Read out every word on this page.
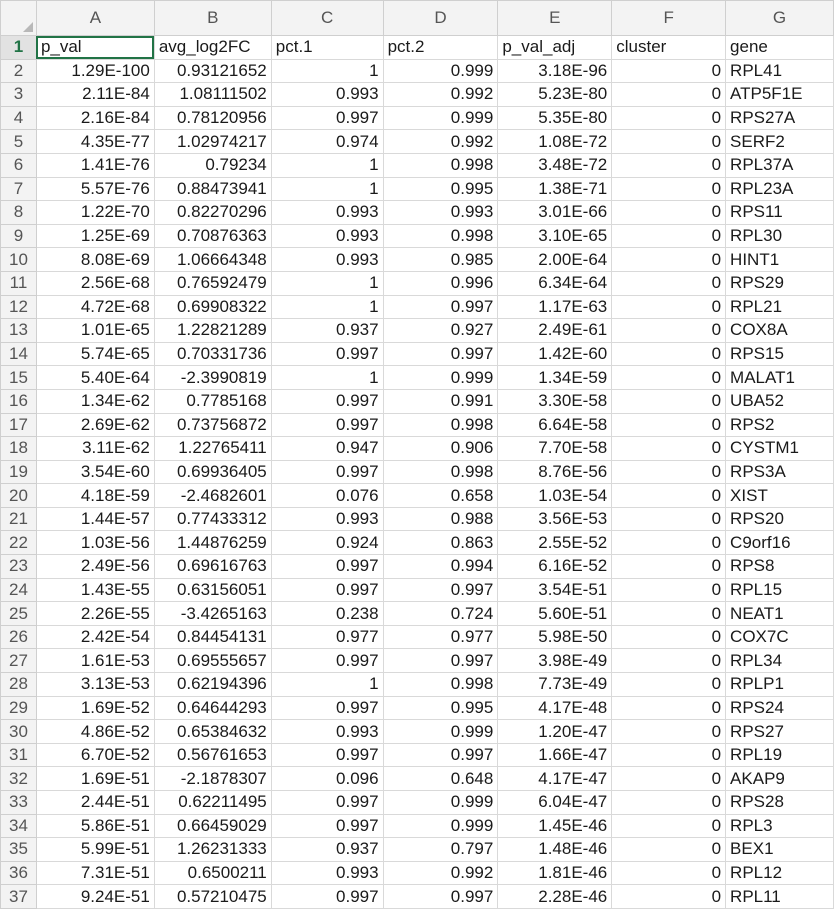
	A	B	C	D	E	F	G
1	p_val	avg_log2FC	pct.1	pct.2	p_val_adj	cluster	gene
2	1.29E-100	0.93121652	1	0.999	3.18E-96	0	RPL41
3	2.11E-84	1.08111502	0.993	0.992	5.23E-80	0	ATP5F1E
4	2.16E-84	0.78120956	0.997	0.999	5.35E-80	0	RPS27A
5	4.35E-77	1.02974217	0.974	0.992	1.08E-72	0	SERF2
6	1.41E-76	0.79234	1	0.998	3.48E-72	0	RPL37A
7	5.57E-76	0.88473941	1	0.995	1.38E-71	0	RPL23A
8	1.22E-70	0.82270296	0.993	0.993	3.01E-66	0	RPS11
9	1.25E-69	0.70876363	0.993	0.998	3.10E-65	0	RPL30
10	8.08E-69	1.06664348	0.993	0.985	2.00E-64	0	HINT1
11	2.56E-68	0.76592479	1	0.996	6.34E-64	0	RPS29
12	4.72E-68	0.69908322	1	0.997	1.17E-63	0	RPL21
13	1.01E-65	1.22821289	0.937	0.927	2.49E-61	0	COX8A
14	5.74E-65	0.70331736	0.997	0.997	1.42E-60	0	RPS15
15	5.40E-64	-2.3990819	1	0.999	1.34E-59	0	MALAT1
16	1.34E-62	0.7785168	0.997	0.991	3.30E-58	0	UBA52
17	2.69E-62	0.73756872	0.997	0.998	6.64E-58	0	RPS2
18	3.11E-62	1.22765411	0.947	0.906	7.70E-58	0	CYSTM1
19	3.54E-60	0.69936405	0.997	0.998	8.76E-56	0	RPS3A
20	4.18E-59	-2.4682601	0.076	0.658	1.03E-54	0	XIST
21	1.44E-57	0.77433312	0.993	0.988	3.56E-53	0	RPS20
22	1.03E-56	1.44876259	0.924	0.863	2.55E-52	0	C9orf16
23	2.49E-56	0.69616763	0.997	0.994	6.16E-52	0	RPS8
24	1.43E-55	0.63156051	0.997	0.997	3.54E-51	0	RPL15
25	2.26E-55	-3.4265163	0.238	0.724	5.60E-51	0	NEAT1
26	2.42E-54	0.84454131	0.977	0.977	5.98E-50	0	COX7C
27	1.61E-53	0.69555657	0.997	0.997	3.98E-49	0	RPL34
28	3.13E-53	0.62194396	1	0.998	7.73E-49	0	RPLP1
29	1.69E-52	0.64644293	0.997	0.995	4.17E-48	0	RPS24
30	4.86E-52	0.65384632	0.993	0.999	1.20E-47	0	RPS27
31	6.70E-52	0.56761653	0.997	0.997	1.66E-47	0	RPL19
32	1.69E-51	-2.1878307	0.096	0.648	4.17E-47	0	AKAP9
33	2.44E-51	0.62211495	0.997	0.999	6.04E-47	0	RPS28
34	5.86E-51	0.66459029	0.997	0.999	1.45E-46	0	RPL3
35	5.99E-51	1.26231333	0.937	0.797	1.48E-46	0	BEX1
36	7.31E-51	0.6500211	0.993	0.992	1.81E-46	0	RPL12
37	9.24E-51	0.57210475	0.997	0.997	2.28E-46	0	RPL11
